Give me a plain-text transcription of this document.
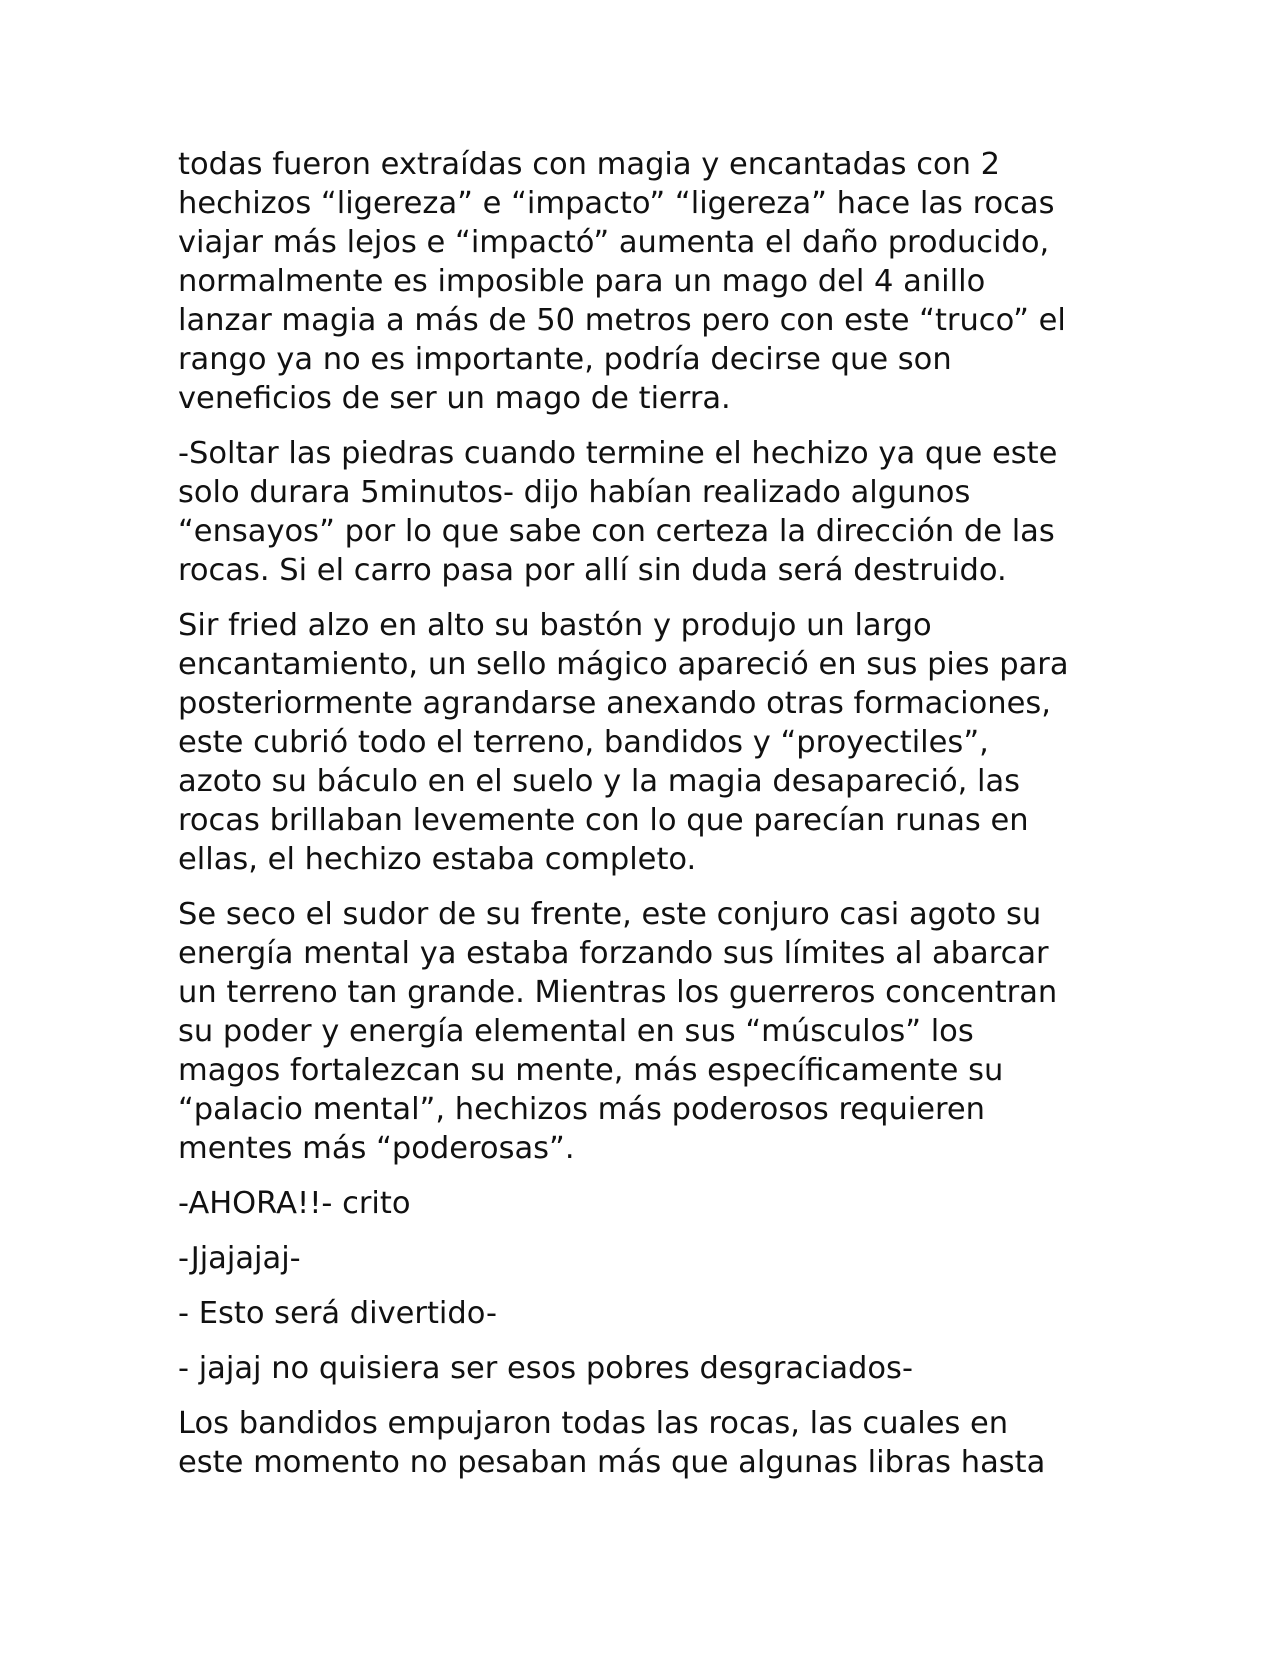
todas fueron extraídas con magia y encantadas con 2
hechizos “ligereza” e “impacto” “ligereza” hace las rocas
viajar más lejos e “impactó” aumenta el daño producido,
normalmente es imposible para un mago del 4 anillo
lanzar magia a más de 50 metros pero con este “truco” el
rango ya no es importante, podría decirse que son
veneficios de ser un mago de tierra.

-Soltar las piedras cuando termine el hechizo ya que este
solo durara 5minutos- dijo habían realizado algunos
“ensayos” por lo que sabe con certeza la dirección de las
rocas. Si el carro pasa por allí sin duda será destruido.

Sir fried alzo en alto su bastón y produjo un largo
encantamiento, un sello mágico apareció en sus pies para
posteriormente agrandarse anexando otras formaciones,
este cubrió todo el terreno, bandidos y “proyectiles”,
azoto su báculo en el suelo y la magia desapareció, las
rocas brillaban levemente con lo que parecían runas en
ellas, el hechizo estaba completo.

Se seco el sudor de su frente, este conjuro casi agoto su
energía mental ya estaba forzando sus límites al abarcar
un terreno tan grande. Mientras los guerreros concentran
su poder y energía elemental en sus “músculos” los
magos fortalezcan su mente, más específicamente su
“palacio mental”, hechizos más poderosos requieren
mentes más “poderosas”.

-AHORA!!- crito

-Jjajajaj-

- Esto será divertido-

- jajaj no quisiera ser esos pobres desgraciados-

Los bandidos empujaron todas las rocas, las cuales en
este momento no pesaban más que algunas libras hasta
